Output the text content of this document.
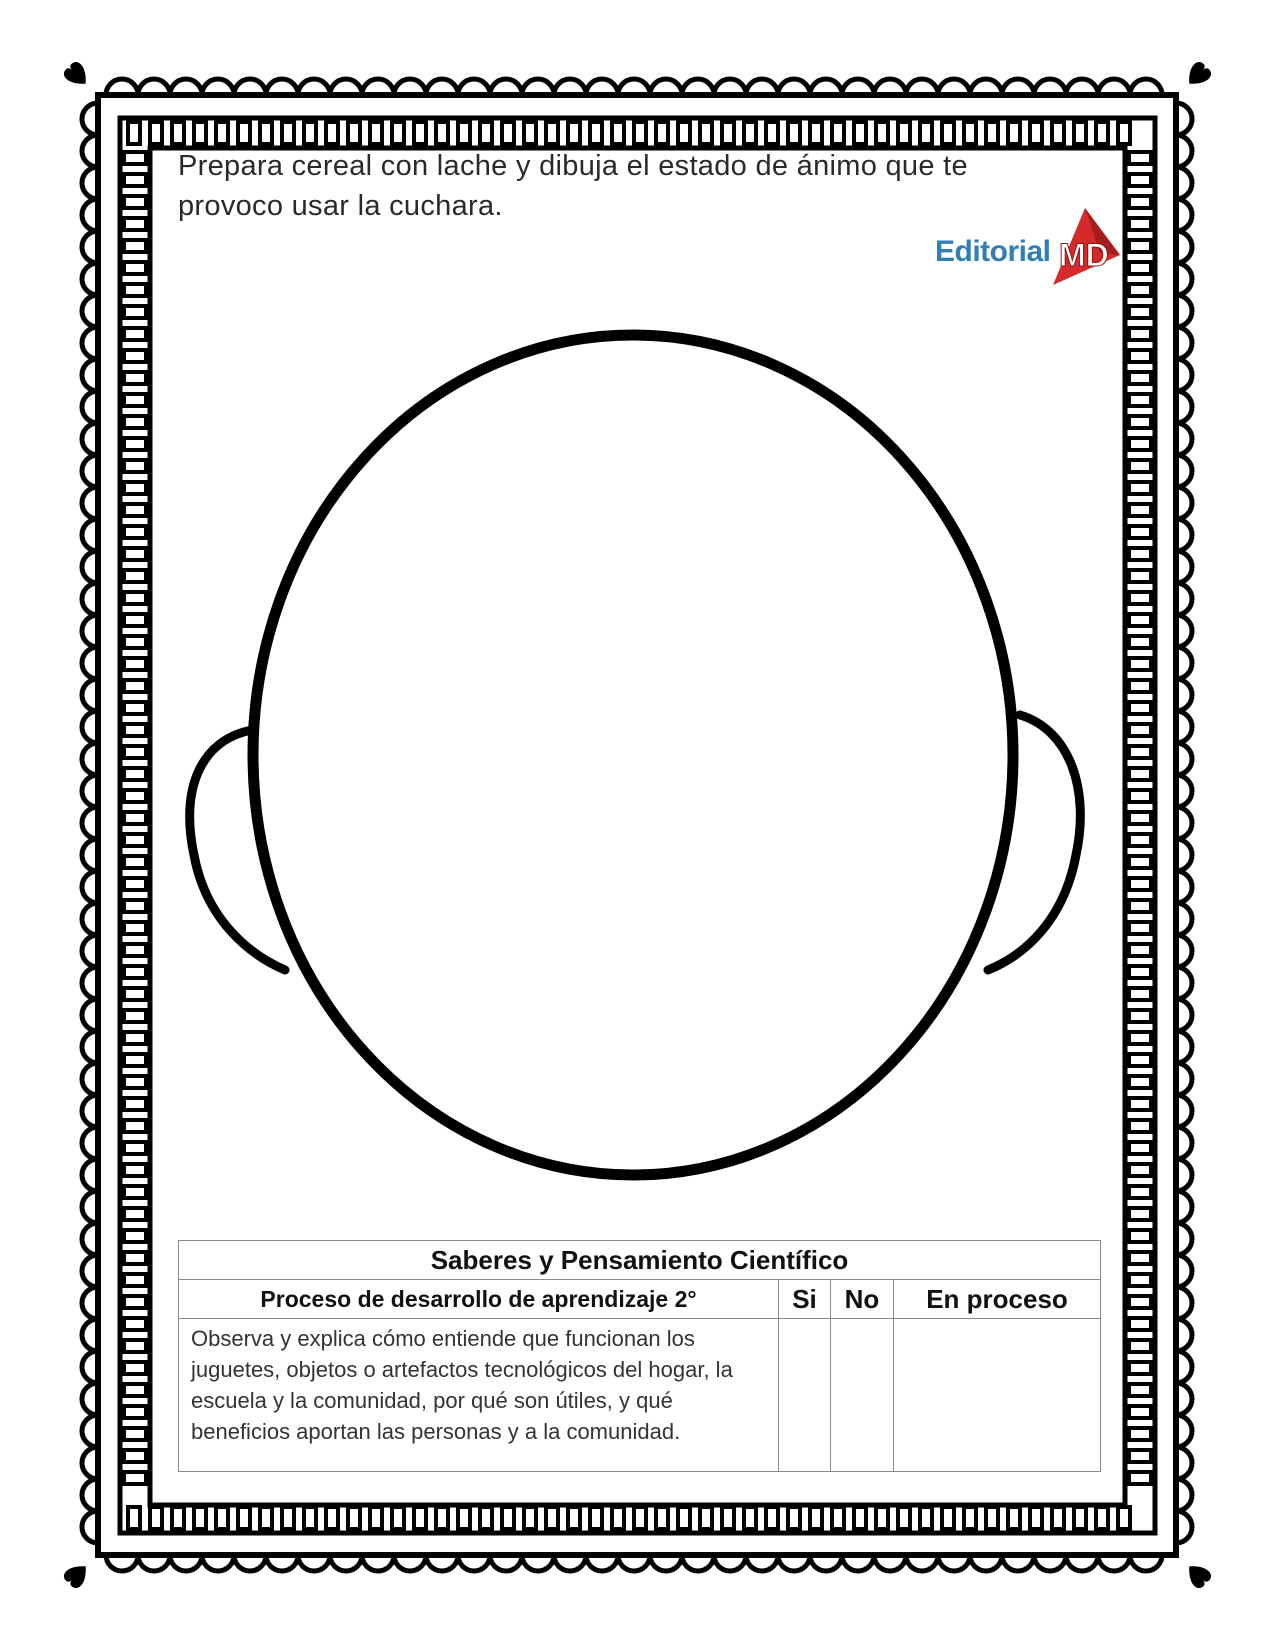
Prepara cereal con lache y dibuja el estado de ánimo que te provoco usar la cuchara.
Editorial MD
Saberes y Pensamiento Científico			
Proceso de desarrollo de aprendizaje 2°	Si	No	En proceso

Observa y explica cómo entiende que funcionan los juguetes, objetos o artefactos tecnológicos del hogar, la escuela y la comunidad, por qué son útiles, y qué beneficios aportan las personas y a la comunidad.			
